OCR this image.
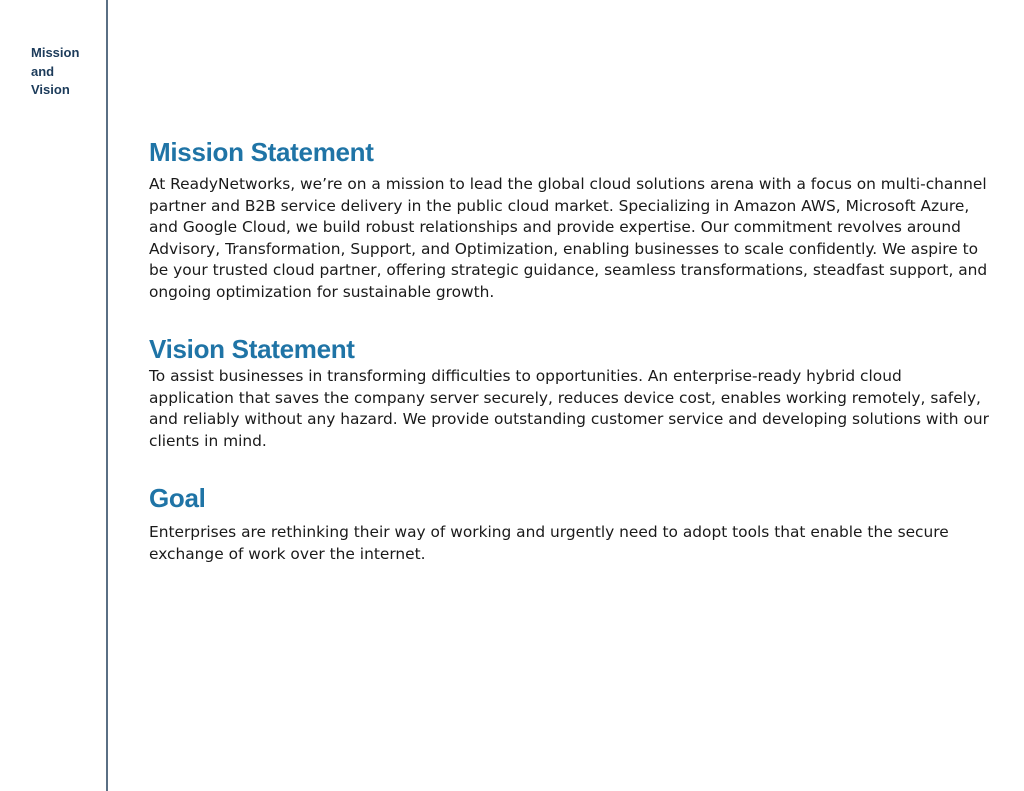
Mission
and
Vision
Mission Statement

At ReadyNetworks, we’re on a mission to lead the global cloud solutions arena with a focus on multi-channel partner and B2B service delivery in the public cloud market. Specializing in Amazon AWS, Microsoft Azure, and Google Cloud, we build robust relationships and provide expertise. Our commitment revolves around Advisory, Transformation, Support, and Optimization, enabling businesses to scale confidently. We aspire to be your trusted cloud partner, offering strategic guidance, seamless transformations, steadfast support, and ongoing optimization for sustainable growth.

Vision Statement

To assist businesses in transforming difficulties to opportunities. An enterprise-ready hybrid cloud application that saves the company server securely, reduces device cost, enables working remotely, safely, and reliably without any hazard. We provide outstanding customer service and developing solutions with our clients in mind.

Goal

Enterprises are rethinking their way of working and urgently need to adopt tools that enable the secure exchange of work over the internet.
